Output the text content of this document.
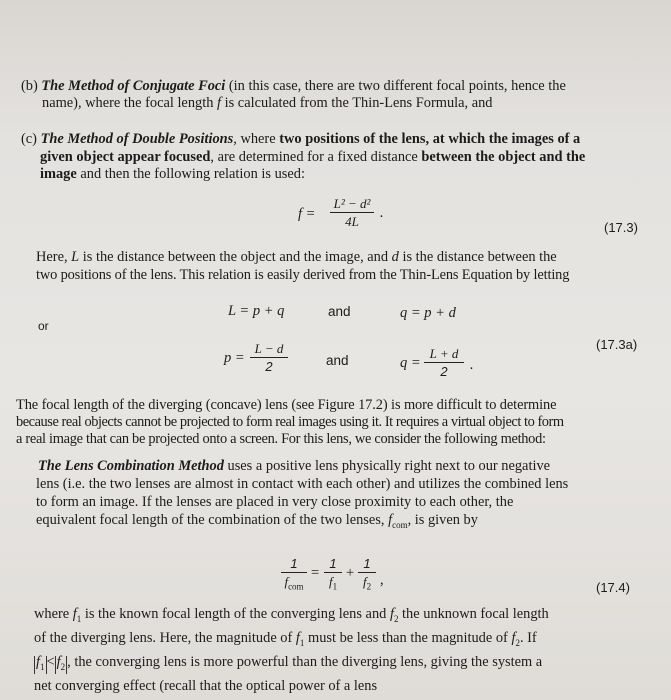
(b) The Method of Conjugate Foci (in this case, there are two different focal points, hence the
name), where the focal length f is calculated from the Thin-Lens Formula, and
(c) The Method of Double Positions, where two positions of the lens, at which the images of a
given object appear focused, are determined for a fixed distance between the object and the
image and then the following relation is used:
f =
L² − d²
4L
.
(17.3)
Here, L is the distance between the object and the image, and d is the distance between the
two positions of the lens. This relation is easily derived from the Thin-Lens Equation by letting
L = p + q	and	q = p + d
or
(17.3a)
p =
L − d
2	and	q =
L + d
2	.
The focal length of the diverging (concave) lens (see Figure 17.2) is more difficult to determine
because real objects cannot be projected to form real images using it. It requires a virtual object to form
a real image that can be projected onto a screen. For this lens, we consider the following method:
The Lens Combination Method uses a positive lens physically right next to our negative
lens (i.e. the two lenses are almost in contact with each other) and utilizes the combined lens
to form an image. If the lenses are placed in very close proximity to each other, the
equivalent focal length of the combination of the two lenses, $f_{com}$, is given by
1
$f_{com}$
=
1
$f_1$
+
1
$f_2$ ,	(17.4)
where $f_1$ is the known focal length of the converging lens and $f_2$ the unknown focal length
of the diverging lens. Here, the magnitude of $f_1$ must be less than the magnitude of $f_2$. If
$f_1 < f_2$ , the converging lens is more powerful than the diverging lens, giving the system a
net converging effect (recall that the optical power of a lens
